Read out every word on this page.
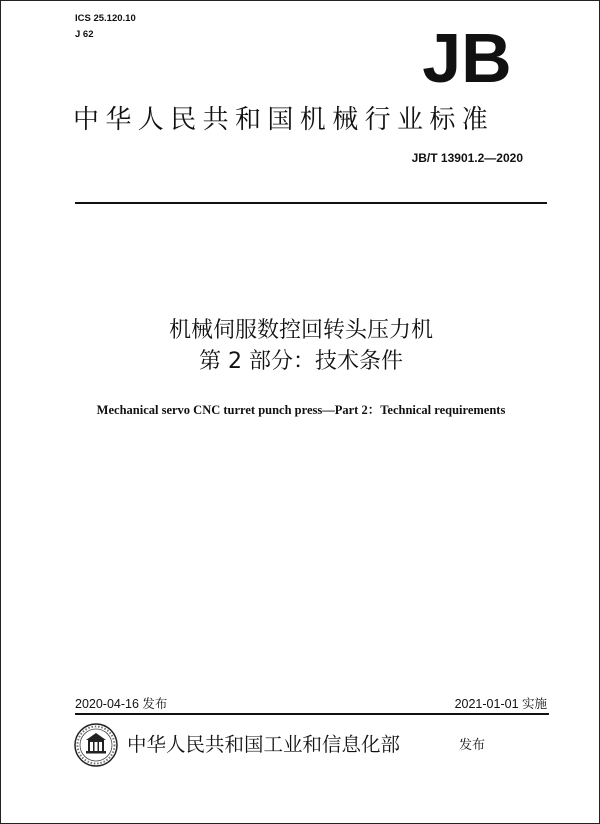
ICS 25.120.10
J 62	JB
中华人民共和国机械行业标准
JB/T 13901.2—2020
机械伺服数控回转头压力机
第 2 部分：技术条件
Mechanical servo CNC turret punch press—Part 2：Technical requirements
2020-04-16 发布	2021-01-01 实施
中华人民共和国工业和信息化部	发布
